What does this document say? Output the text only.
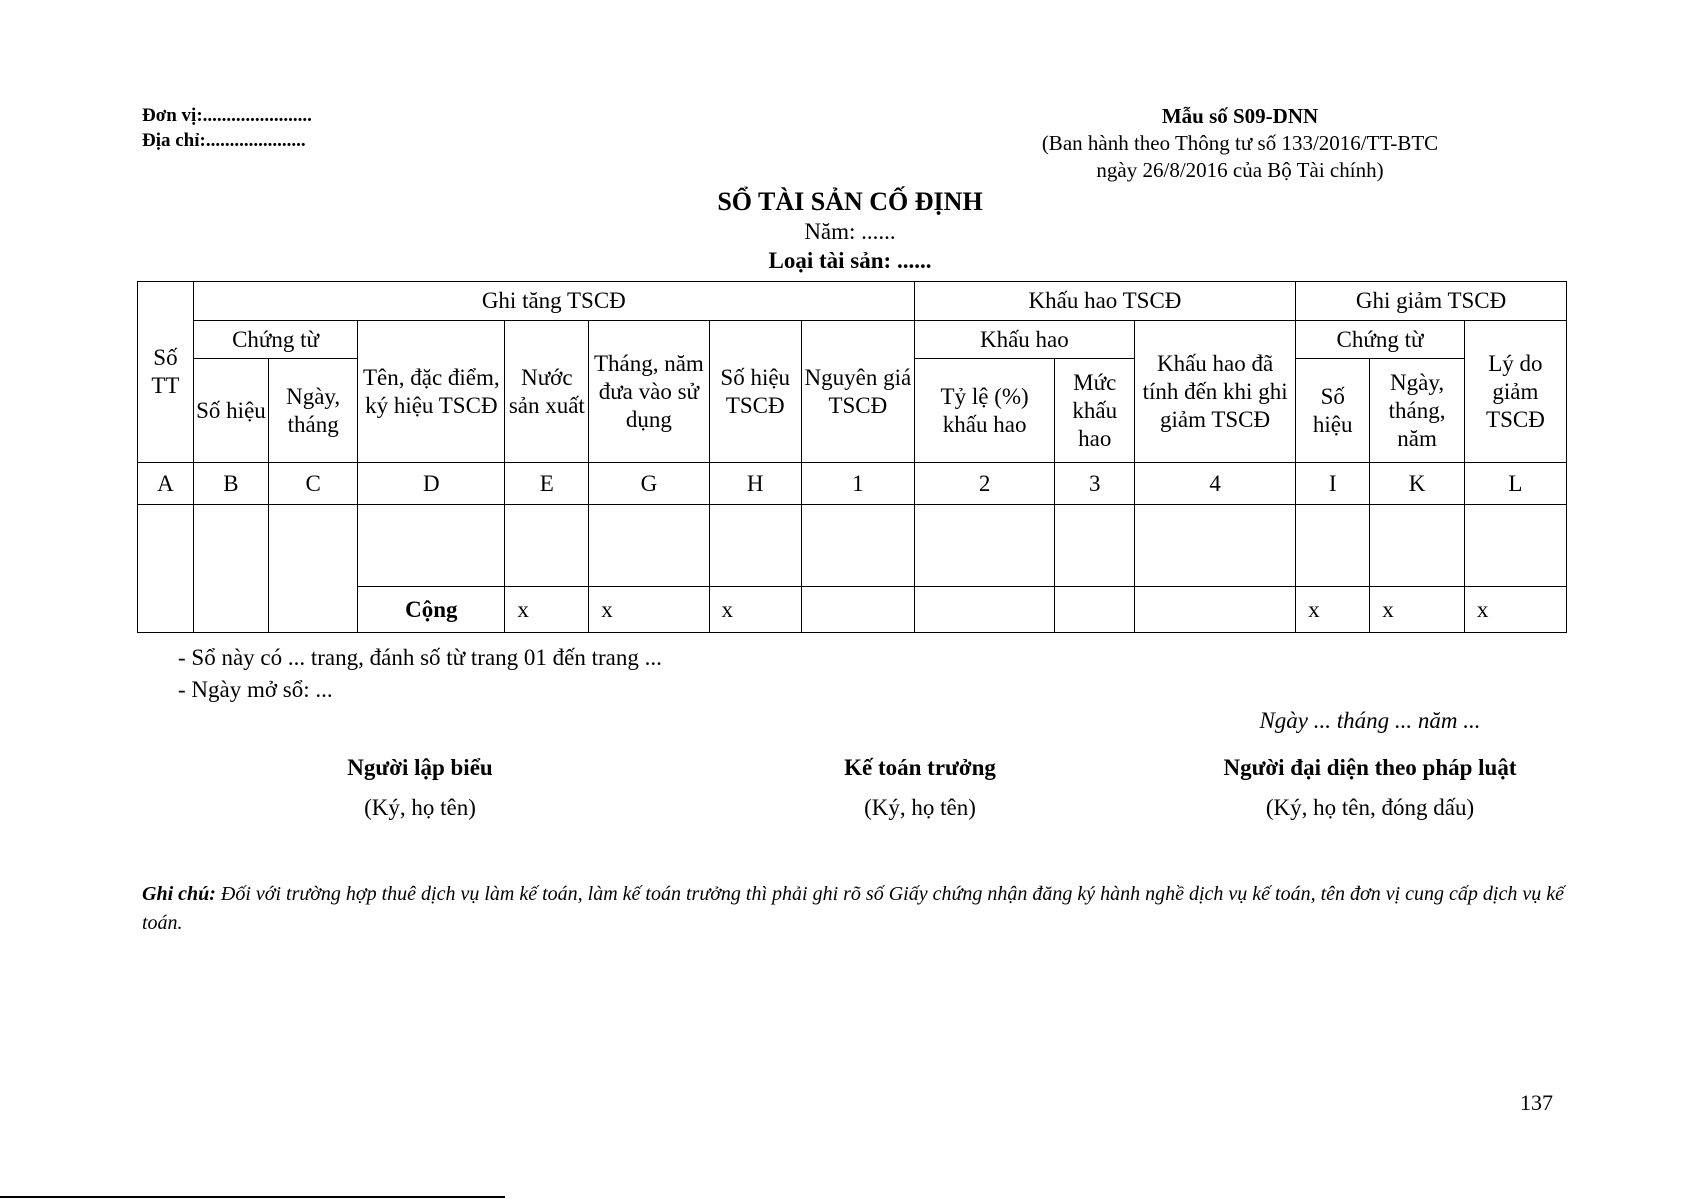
Đơn vị:.......................
Địa chỉ:.....................
Mẫu số S09-DNN
(Ban hành theo Thông tư số 133/2016/TT-BTC
ngày 26/8/2016 của Bộ Tài chính)
SỔ TÀI SẢN CỐ ĐỊNH
Năm: ......
Loại tài sản: ......
Số TT	Ghi tăng TSCĐ							Khấu hao TSCĐ			Ghi giảm TSCĐ		
	Chứng từ		Tên, đặc điểm, ký hiệu TSCĐ	Nước sản xuất	Tháng, năm đưa vào sử dụng	Số hiệu TSCĐ	Nguyên giá TSCĐ	Khấu hao		Khấu hao đã tính đến khi ghi giảm TSCĐ	Chứng từ		Lý do giảm TSCĐ
	Số hiệu	Ngày, tháng						Tỷ lệ (%) khấu hao	Mức khấu hao		Số hiệu	Ngày, tháng, năm	
A	B	C	D	E	G	H	1	2	3	4	I	K	L

			Cộng	x	x	x					x	x	x
- Sổ này có ... trang, đánh số từ trang 01 đến trang ...
- Ngày mở sổ: ...
Ngày ... tháng ... năm ...
Người lập biểu
(Ký, họ tên)
Kế toán trưởng
(Ký, họ tên)
Người đại diện theo pháp luật
(Ký, họ tên, đóng dấu)
Ghi chú: Đối với trường hợp thuê dịch vụ làm kế toán, làm kế toán trưởng thì phải ghi rõ số Giấy chứng nhận đăng ký hành nghề dịch vụ kế toán, tên đơn vị cung cấp dịch vụ kế toán.
137
